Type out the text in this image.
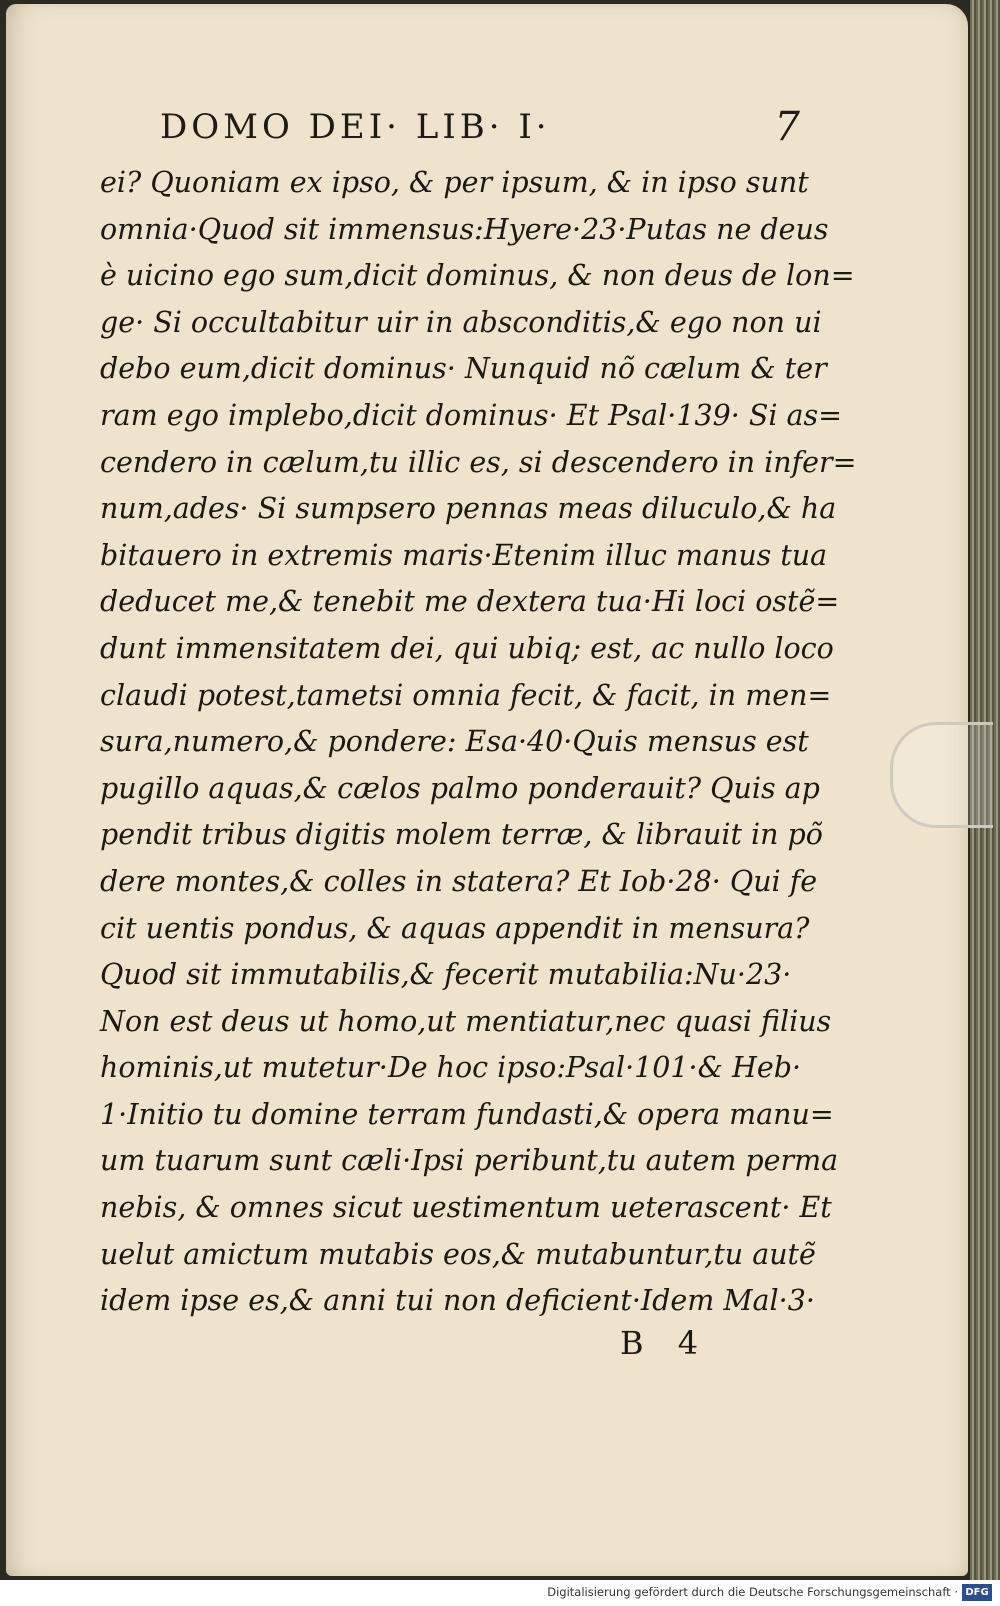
DOMO DEI· LIB· I·	7
ei? Quoniam ex ipso, & per ipsum, & in ipso sunt
omnia·Quod sit immensus:Hyere·23·Putas ne deus
è uicino ego sum,dicit dominus, & non deus de lon=
ge· Si occultabitur uir in absconditis,& ego non ui
debo eum,dicit dominus· Nunquid nõ cælum & ter
ram ego implebo,dicit dominus· Et Psal·139· Si as=
cendero in cælum,tu illic es, si descendero in infer=
num,ades· Si sumpsero pennas meas diluculo,& ha
bitauero in extremis maris·Etenim illuc manus tua
deducet me,& tenebit me dextera tua·Hi loci ostẽ=
dunt immensitatem dei, qui ubiq; est, ac nullo loco
claudi potest,tametsi omnia fecit, & facit, in men=
sura,numero,& pondere: Esa·40·Quis mensus est
pugillo aquas,& cælos palmo ponderauit? Quis ap
pendit tribus digitis molem terræ, & librauit in põ
dere montes,& colles in statera? Et Iob·28· Qui fe
cit uentis pondus, & aquas appendit in mensura?
Quod sit immutabilis,& fecerit mutabilia:Nu·23·
Non est deus ut homo,ut mentiatur,nec quasi filius
hominis,ut mutetur·De hoc ipso:Psal·101·& Heb·
1·Initio tu domine terram fundasti,& opera manu=
um tuarum sunt cæli·Ipsi peribunt,tu autem perma
nebis, & omnes sicut uestimentum ueterascent· Et
uelut amictum mutabis eos,& mutabuntur,tu autẽ
idem ipse es,& anni tui non deficient·Idem Mal·3·
B 4
Digitalisierung gefördert durch die Deutsche Forschungsgemeinschaft · DFG
